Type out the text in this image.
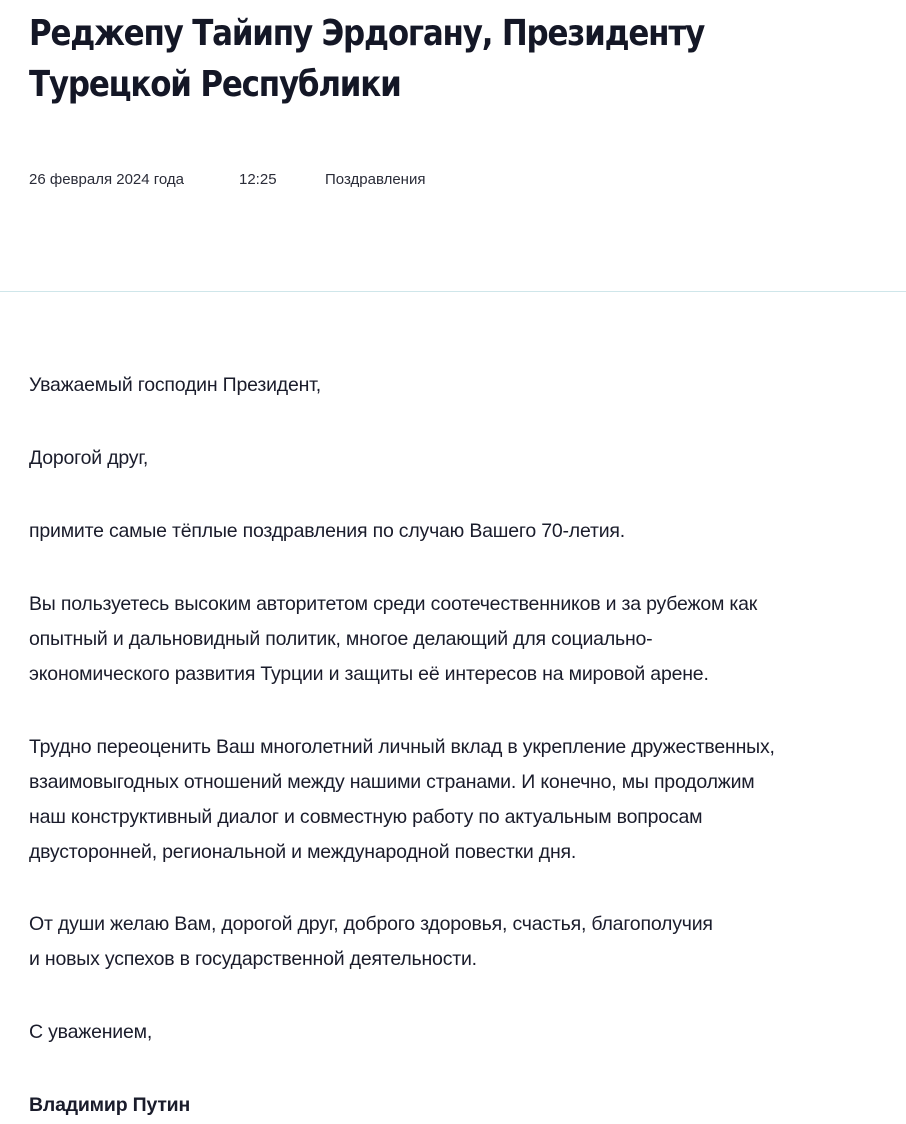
Реджепу Тайипу Эрдогану, Президенту Турецкой Республики
26 февраля 2024 года	12:25	Поздравления

Уважаемый господин Президент,

Дорогой друг,

примите самые тёплые поздравления по случаю Вашего 70-летия.

Вы пользуетесь высоким авторитетом среди соотечественников и за рубежом как
опытный и дальновидный политик, многое делающий для социально-
экономического развития Турции и защиты её интересов на мировой арене.

Трудно переоценить Ваш многолетний личный вклад в укрепление дружественных,
взаимовыгодных отношений между нашими странами. И конечно, мы продолжим
наш конструктивный диалог и совместную работу по актуальным вопросам
двусторонней, региональной и международной повестки дня.

От души желаю Вам, дорогой друг, доброго здоровья, счастья, благополучия
и новых успехов в государственной деятельности.

С уважением,

Владимир Путин
